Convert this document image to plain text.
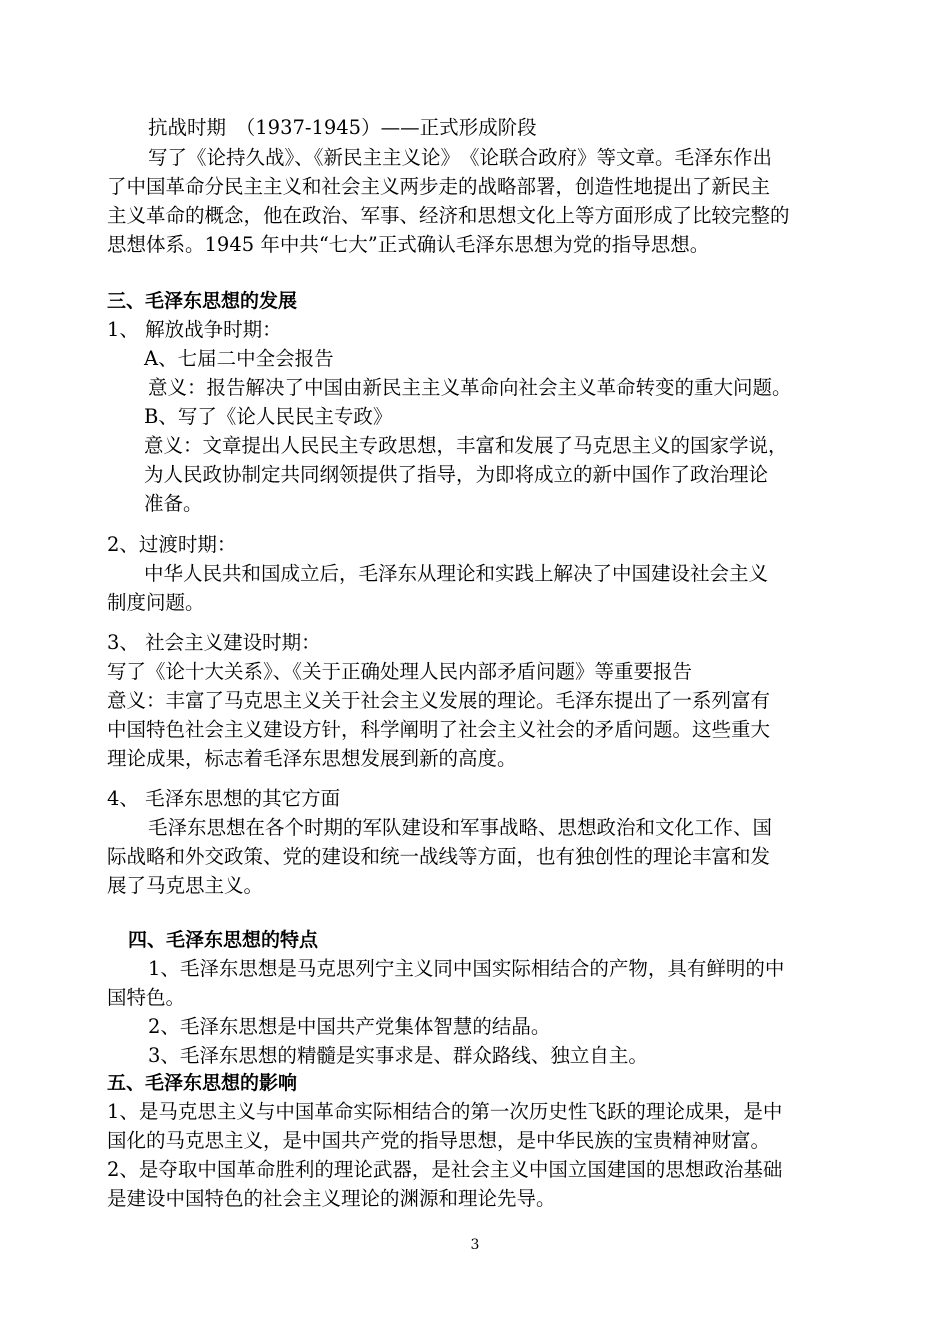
抗战时期　（1937-1945）——正式形成阶段
写了《论持久战》、《新民主主义论》　《论联合政府》等文章。毛泽东作出
了中国革命分民主主义和社会主义两步走的战略部署，创造性地提出了新民主
主义革命的概念，他在政治、军事、经济和思想文化上等方面形成了比较完整的
思想体系。1945 年中共“七大”正式确认毛泽东思想为党的指导思想。
三、毛泽东思想的发展
1、 解放战争时期：
A、七届二中全会报告
意义：报告解决了中国由新民主主义革命向社会主义革命转变的重大问题。
B、写了《论人民民主专政》
意义：文章提出人民民主专政思想，丰富和发展了马克思主义的国家学说，
为人民政协制定共同纲领提供了指导，为即将成立的新中国作了政治理论
准备。
2、过渡时期：
中华人民共和国成立后，毛泽东从理论和实践上解决了中国建设社会主义
制度问题。
3、 社会主义建设时期：
写了《论十大关系》、《关于正确处理人民内部矛盾问题》等重要报告
意义：丰富了马克思主义关于社会主义发展的理论。毛泽东提出了一系列富有
中国特色社会主义建设方针，科学阐明了社会主义社会的矛盾问题。这些重大
理论成果，标志着毛泽东思想发展到新的高度。
4、 毛泽东思想的其它方面
毛泽东思想在各个时期的军队建设和军事战略、思想政治和文化工作、国
际战略和外交政策、党的建设和统一战线等方面，也有独创性的理论丰富和发
展了马克思主义。
四、毛泽东思想的特点
1、毛泽东思想是马克思列宁主义同中国实际相结合的产物，具有鲜明的中
国特色。
2、毛泽东思想是中国共产党集体智慧的结晶。
3、毛泽东思想的精髓是实事求是、群众路线、独立自主。
五、毛泽东思想的影响
1、是马克思主义与中国革命实际相结合的第一次历史性飞跃的理论成果，是中
国化的马克思主义，是中国共产党的指导思想，是中华民族的宝贵精神财富。
2、是夺取中国革命胜利的理论武器，是社会主义中国立国建国的思想政治基础
是建设中国特色的社会主义理论的渊源和理论先导。
3
